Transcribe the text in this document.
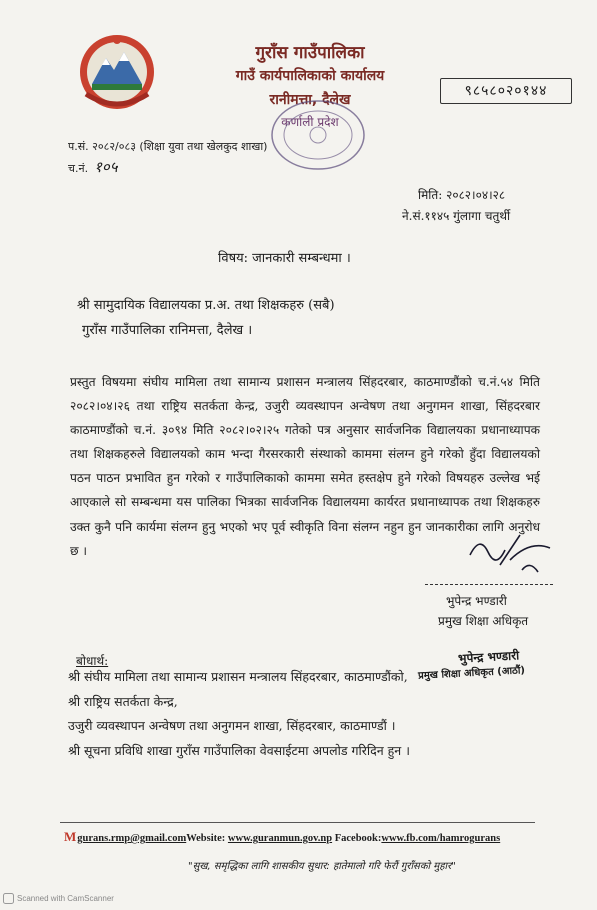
गुराँस गाउँपालिका
गाउँ कार्यपालिकाको कार्यालय
रानीमत्ता, दैलेख
कर्णाली प्रदेश
९८५८०२०१४४
प.सं. २०८२/०८३ (शिक्षा युवा तथा खेलकुद शाखा)
च.नं. १०५
मिति: २०८२।०४।२८
ने.सं.११४५ गुंलागा चतुर्थी
विषय: जानकारी सम्बन्धमा ।
श्री सामुदायिक विद्यालयका प्र.अ. तथा शिक्षकहरु (सबै)
गुराँस गाउँपालिका रानिमत्ता, दैलेख ।
प्रस्तुत विषयमा संघीय मामिला तथा सामान्य प्रशासन मन्त्रालय सिंहदरबार, काठमाण्डौंको च.नं.५४ मिति २०८२।०४।२६ तथा राष्ट्रिय सतर्कता केन्द्र, उजुरी व्यवस्थापन अन्वेषण तथा अनुगमन शाखा, सिंहदरबार काठमाण्डौंको च.नं. ३०९४ मिति २०८२।०२।२५ गतेको पत्र अनुसार सार्वजनिक विद्यालयका प्रधानाध्यापक तथा शिक्षकहरुले विद्यालयको काम भन्दा गैरसरकारी संस्थाको काममा संलग्न हुने गरेको हुँदा विद्यालयको पठन पाठन प्रभावित हुन गरेको र गाउँपालिकाको काममा समेत हस्तक्षेप हुने गरेको विषयहरु उल्लेख भई आएकाले सो सम्बन्धमा यस पालिका भित्रका सार्वजनिक विद्यालयमा कार्यरत प्रधानाध्यापक तथा शिक्षकहरु उक्त कुनै पनि कार्यमा संलग्न हुनु भएको भए पूर्व स्वीकृति विना संलग्न नहुन हुन जानकारीका लागि अनुरोध छ ।
भुपेन्द्र भण्डारी
प्रमुख शिक्षा अधिकृत
भुपेन्द्र भण्डारी
प्रमुख शिक्षा अधिकृत (आठौं)
बोधार्थ:
श्री संघीय मामिला तथा सामान्य प्रशासन मन्त्रालय सिंहदरबार, काठमाण्डौंको,
श्री राष्ट्रिय सतर्कता केन्द्र,
उजुरी व्यवस्थापन अन्वेषण तथा अनुगमन शाखा, सिंहदरबार, काठमाण्डौं ।
श्री सूचना प्रविधि शाखा गुराँस गाउँपालिका वेवसाईटमा अपलोड गरिदिन हुन ।
Mgurans.rmp@gmail.comWebsite: www.guranmun.gov.np Facebook:www.fb.com/hamrogurans
"सुख, समृद्धिका लागि शासकीय सुधार: हातेमालो गरि फेरौं गुराँसको मुहार"
Scanned with CamScanner
